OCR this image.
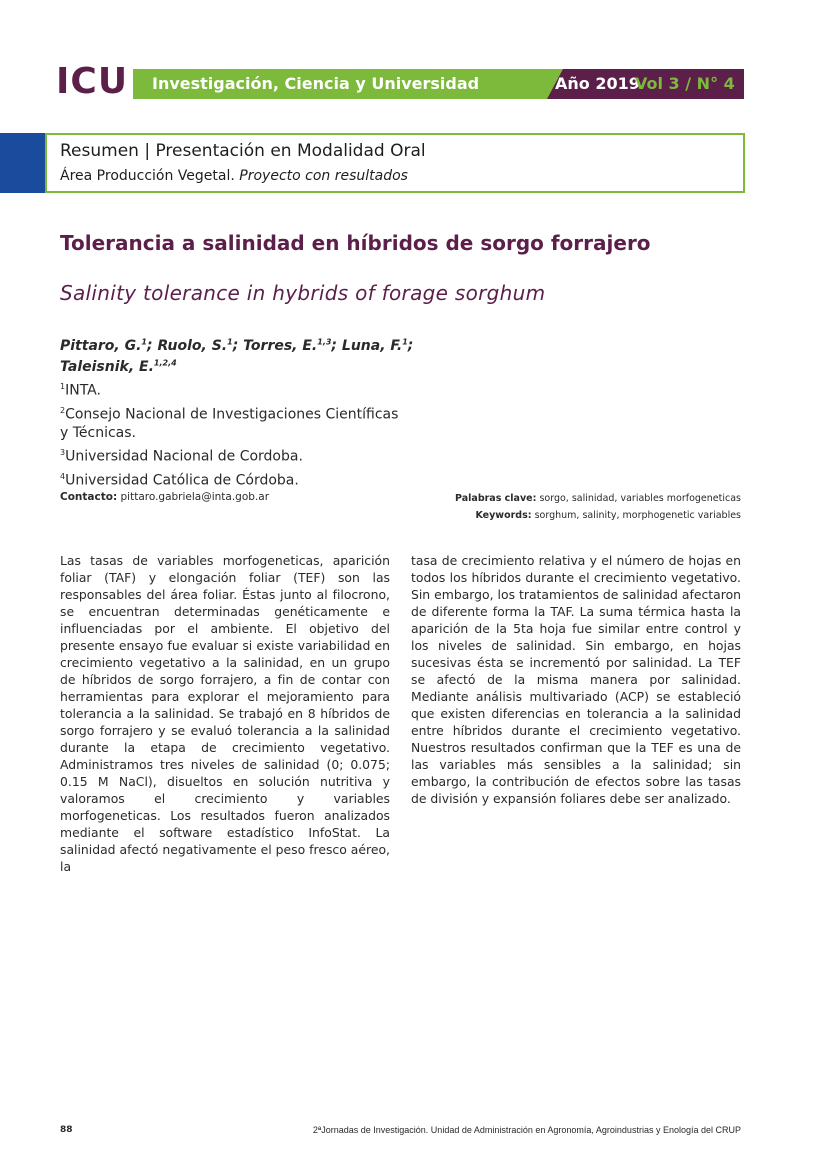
ICU Investigación, Ciencia y Universidad	Año 2019
Vol 3 / N° 4
Resumen | Presentación en Modalidad Oral
Área Producción Vegetal. Proyecto con resultados
Tolerancia a salinidad en híbridos de sorgo forrajero
Salinity tolerance in hybrids of forage sorghum
Pittaro, G.$^1$; Ruolo, S.$^1$; Torres, E.$^{1,3}$; Luna, F.$^1$;
Taleisnik, E.$^{1,2,4}$
$^1$INTA.
$^2$Consejo Nacional de Investigaciones Científicas y Técnicas.
$^3$Universidad Nacional de Cordoba.
$^4$Universidad Católica de Córdoba.
Contacto: pittaro.gabriela@inta.gob.ar	Palabras clave: sorgo, salinidad, variables morfogeneticas
Keywords: sorghum, salinity, morphogenetic variables
Las tasas de variables morfogeneticas, aparición foliar (TAF) y elongación foliar (TEF) son las responsables del área foliar. Éstas junto al filocrono, se encuentran determinadas genéticamente e influenciadas por el ambiente. El objetivo del presente ensayo fue evaluar si existe variabilidad en crecimiento vegetativo a la salinidad, en un grupo de híbridos de sorgo forrajero, a fin de contar con herramientas para explorar el mejoramiento para tolerancia a la salinidad. Se trabajó en 8 híbridos de sorgo forrajero y se evaluó tolerancia a la salinidad durante la etapa de crecimiento vegetativo. Administramos tres niveles de salinidad (0; 0.075; 0.15 M NaCl), disueltos en solución nutritiva y valoramos el crecimiento y variables morfogeneticas. Los resultados fueron analizados mediante el software estadístico InfoStat. La salinidad afectó negativamente el peso fresco aéreo, la
tasa de crecimiento relativa y el número de hojas en todos los híbridos durante el crecimiento vegetativo. Sin embargo, los tratamientos de salinidad afectaron de diferente forma la TAF. La suma térmica hasta la aparición de la 5ta hoja fue similar entre control y los niveles de salinidad. Sin embargo, en hojas sucesivas ésta se incrementó por salinidad. La TEF se afectó de la misma manera por salinidad. Mediante análisis multivariado (ACP) se estableció que existen diferencias en tolerancia a la salinidad entre híbridos durante el crecimiento vegetativo. Nuestros resultados confirman que la TEF es una de las variables más sensibles a la salinidad; sin embargo, la contribución de efectos sobre las tasas de división y expansión foliares debe ser analizado.
88	2ªJornadas de Investigación. Unidad de Administración en Agronomía, Agroindustrias y Enología del CRUP
